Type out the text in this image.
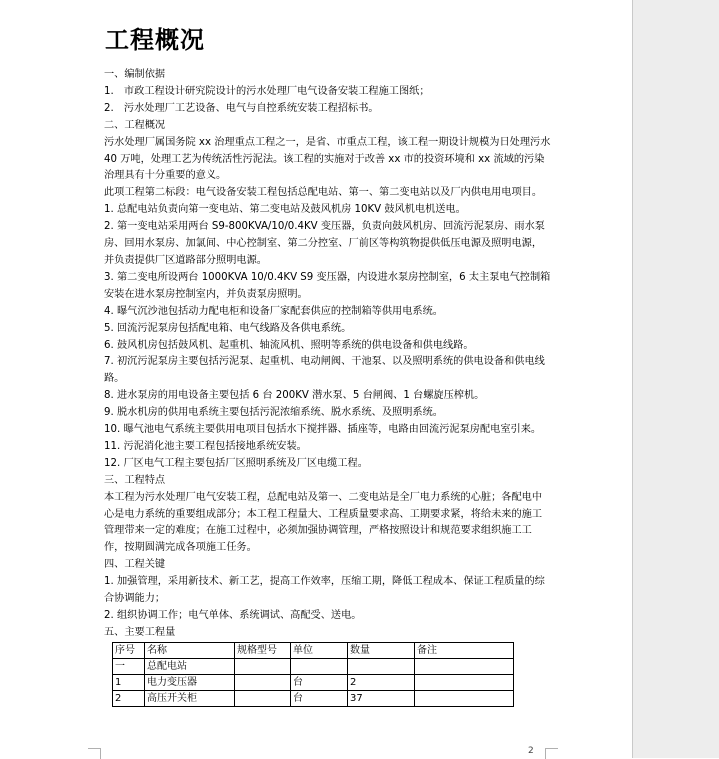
工程概况

一、编制依据

1.　市政工程设计研究院设计的污水处理厂电气设备安装工程施工图纸；

2.　污水处理厂工艺设备、电气与自控系统安装工程招标书。

二、工程概况

污水处理厂属国务院 xx 治理重点工程之一，是省、市重点工程，该工程一期设计规模为日处理污水 40 万吨，处理工艺为传统活性污泥法。该工程的实施对于改善 xx 市的投资环境和 xx 流域的污染治理具有十分重要的意义。

此项工程第二标段：电气设备安装工程包括总配电站、第一、第二变电站以及厂内供电用电项目。

1. 总配电站负责向第一变电站、第二变电站及鼓风机房 10KV 鼓风机电机送电。

2. 第一变电站采用两台 S9-800KVA/10/0.4KV 变压器，负责向鼓风机房、回流污泥泵房、雨水泵房、回用水泵房、加氯间、中心控制室、第二分控室、厂前区等构筑物提供低压电源及照明电源，并负责提供厂区道路部分照明电源。

3. 第二变电所设两台 1000KVA 10/0.4KV S9 变压器，内设进水泵房控制室，6 太主泵电气控制箱安装在进水泵房控制室内，并负责泵房照明。

4. 曝气沉沙池包括动力配电柜和设备厂家配套供应的控制箱等供用电系统。

5. 回流污泥泵房包括配电箱、电气线路及各供电系统。

6. 鼓风机房包括鼓风机、起重机、轴流风机、照明等系统的供电设备和供电线路。

7. 初沉污泥泵房主要包括污泥泵、起重机、电动闸阀、干池泵、以及照明系统的供电设备和供电线路。

8. 进水泵房的用电设备主要包括 6 台 200KV 潜水泵、5 台闸阀、1 台螺旋压榨机。

9. 脱水机房的供用电系统主要包括污泥浓缩系统、脱水系统、及照明系统。

10. 曝气池电气系统主要供用电项目包括水下搅拌器、插座等，电路由回流污泥泵房配电室引来。

11. 污泥消化池主要工程包括接地系统安装。

12. 厂区电气工程主要包括厂区照明系统及厂区电缆工程。

三、工程特点

本工程为污水处理厂电气安装工程，总配电站及第一、二变电站是全厂电力系统的心脏；各配电中心是电力系统的重要组成部分；本工程工程量大、工程质量要求高、工期要求紧，将给未来的施工管理带来一定的难度；在施工过程中，必须加强协调管理，严格按照设计和规范要求组织施工工作，按期圆满完成各项施工任务。

四、工程关键

1. 加强管理，采用新技术、新工艺，提高工作效率，压缩工期，降低工程成本、保证工程质量的综合协调能力；

2. 组织协调工作；电气单体、系统调试、高配受、送电。

五、主要工程量

序号	名称	规格型号	单位	数量	备注
一	总配电站				
1	电力变压器		台	2	
2	高压开关柜		台	37	
2
